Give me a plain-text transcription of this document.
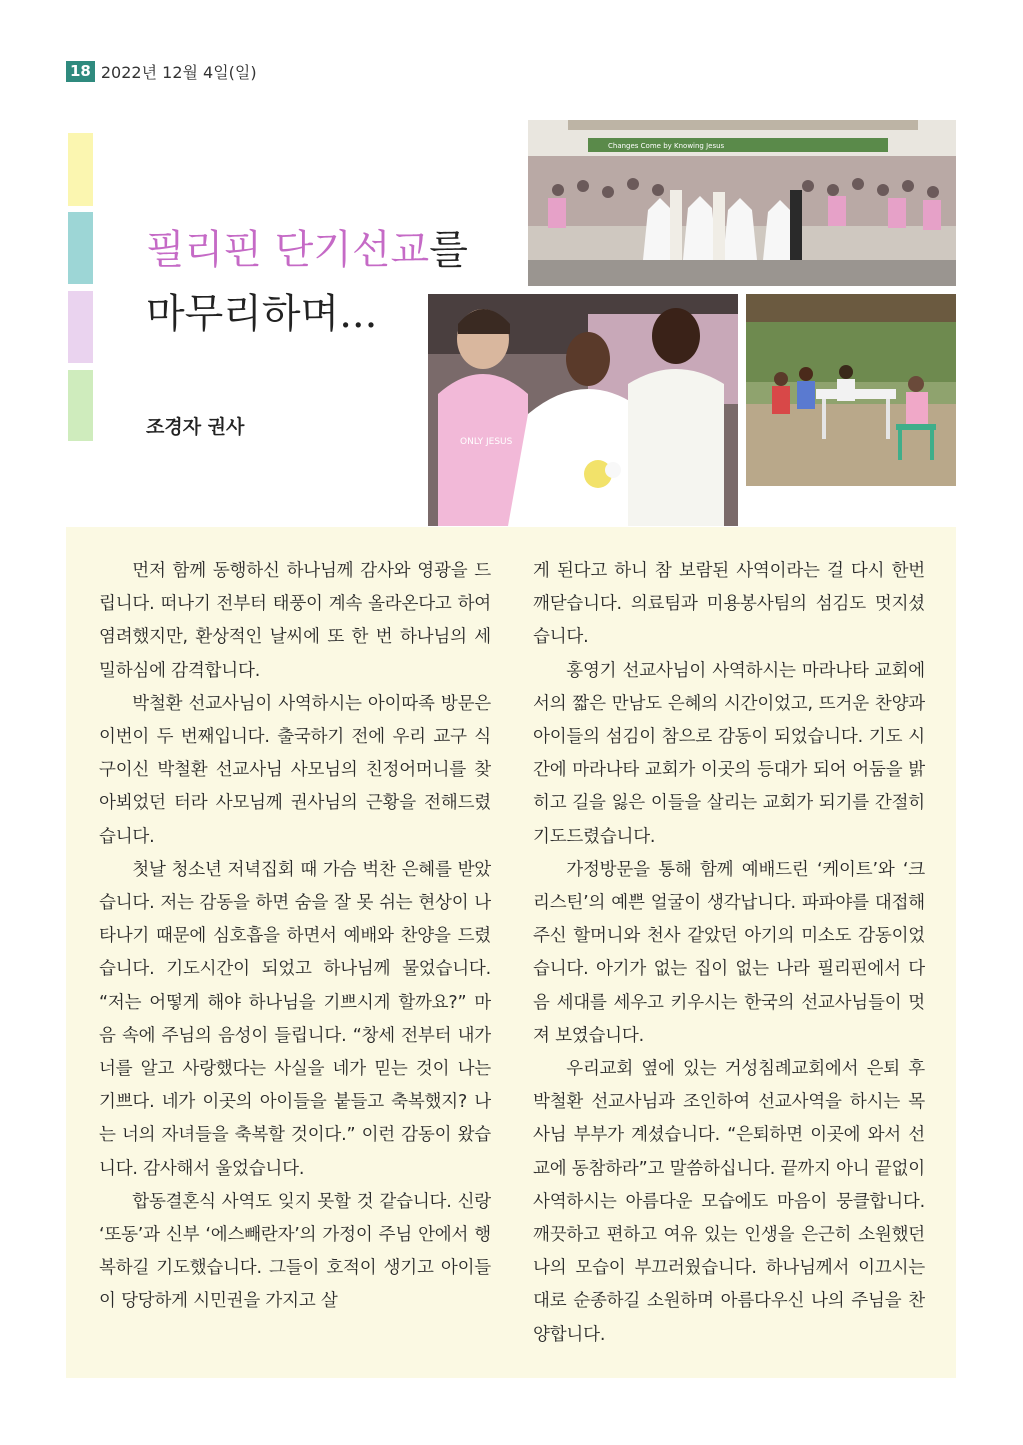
18 2022년 12월 4일(일)
필리핀 단기선교를
마무리하며...
조경자 권사
Changes Come by Knowing Jesus
ONLY JESUS

먼저 함께 동행하신 하나님께 감사와 영광을 드립니다. 떠나기 전부터 태풍이 계속 올라온다고 하여 염려했지만, 환상적인 날씨에 또 한 번 하나님의 세밀하심에 감격합니다.

박철환 선교사님이 사역하시는 아이따족 방문은 이번이 두 번째입니다. 출국하기 전에 우리 교구 식구이신 박철환 선교사님 사모님의 친정어머니를 찾아뵈었던 터라 사모님께 권사님의 근황을 전해드렸습니다.

첫날 청소년 저녁집회 때 가슴 벅찬 은혜를 받았습니다. 저는 감동을 하면 숨을 잘 못 쉬는 현상이 나타나기 때문에 심호흡을 하면서 예배와 찬양을 드렸습니다. 기도시간이 되었고 하나님께 물었습니다. “저는 어떻게 해야 하나님을 기쁘시게 할까요?” 마음 속에 주님의 음성이 들립니다. “창세 전부터 내가 너를 알고 사랑했다는 사실을 네가 믿는 것이 나는 기쁘다. 네가 이곳의 아이들을 붙들고 축복했지? 나는 너의 자녀들을 축복할 것이다.” 이런 감동이 왔습니다. 감사해서 울었습니다.

합동결혼식 사역도 잊지 못할 것 같습니다. 신랑 ‘또동’과 신부 ‘에스빼란자’의 가정이 주님 안에서 행복하길 기도했습니다. 그들이 호적이 생기고 아이들이 당당하게 시민권을 가지고 살

게 된다고 하니 참 보람된 사역이라는 걸 다시 한번 깨닫습니다. 의료팀과 미용봉사팀의 섬김도 멋지셨습니다.

홍영기 선교사님이 사역하시는 마라나타 교회에서의 짧은 만남도 은혜의 시간이었고, 뜨거운 찬양과 아이들의 섬김이 참으로 감동이 되었습니다. 기도 시간에 마라나타 교회가 이곳의 등대가 되어 어둠을 밝히고 길을 잃은 이들을 살리는 교회가 되기를 간절히 기도드렸습니다.

가정방문을 통해 함께 예배드린 ‘케이트’와 ‘크리스틴’의 예쁜 얼굴이 생각납니다. 파파야를 대접해 주신 할머니와 천사 같았던 아기의 미소도 감동이었습니다. 아기가 없는 집이 없는 나라 필리핀에서 다음 세대를 세우고 키우시는 한국의 선교사님들이 멋져 보였습니다.

우리교회 옆에 있는 거성침례교회에서 은퇴 후 박철환 선교사님과 조인하여 선교사역을 하시는 목사님 부부가 계셨습니다. “은퇴하면 이곳에 와서 선교에 동참하라”고 말씀하십니다. 끝까지 아니 끝없이 사역하시는 아름다운 모습에도 마음이 뭉클합니다. 깨끗하고 편하고 여유 있는 인생을 은근히 소원했던 나의 모습이 부끄러웠습니다. 하나님께서 이끄시는 대로 순종하길 소원하며 아름다우신 나의 주님을 찬양합니다.
